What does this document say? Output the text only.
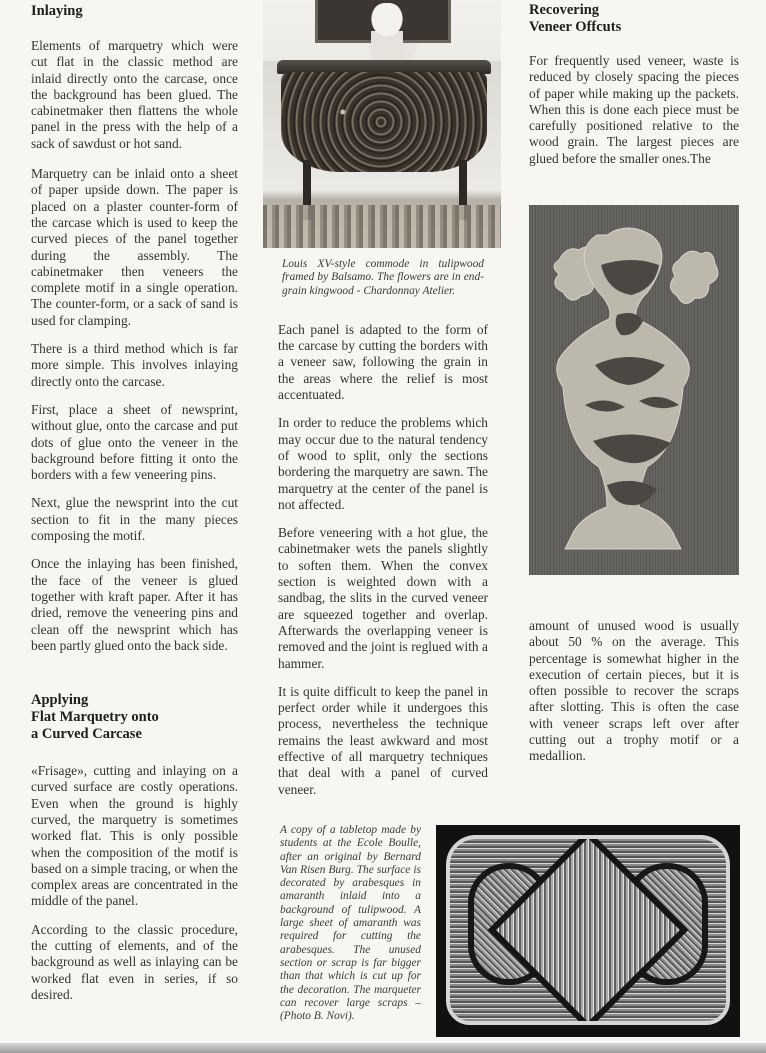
Inlaying

Elements of marquetry which were cut flat in the classic method are inlaid directly onto the carcase, once the background has been glued. The cabinetmaker then flattens the whole panel in the press with the help of a sack of sawdust or hot sand.

Marquetry can be inlaid onto a sheet of paper upside down. The paper is placed on a plaster counter-form of the carcase which is used to keep the curved pieces of the panel together during the assembly. The cabinetmaker then veneers the complete motif in a single operation. The counter-form, or a sack of sand is used for clamping.

There is a third method which is far more simple. This involves inlaying directly onto the carcase.

First, place a sheet of newsprint, without glue, onto the carcase and put dots of glue onto the veneer in the background before fitting it onto the borders with a few veneering pins.

Next, glue the newsprint into the cut section to fit in the many pieces composing the motif.

Once the inlaying has been finished, the face of the veneer is glued together with kraft paper. After it has dried, remove the veneering pins and clean off the newsprint which has been partly glued onto the back side.

Applying
Flat Marquetry onto
a Curved Carcase

«Frisage», cutting and inlaying on a curved surface are costly operations. Even when the ground is highly curved, the marquetry is sometimes worked flat. This is only possible when the composition of the motif is based on a simple tracing, or when the complex areas are concentrated in the middle of the panel.

According to the classic procedure, the cutting of elements, and of the background as well as inlaying can be worked flat even in series, if so desired.

Louis XV-style commode in tulipwood framed by Balsamo. The flowers are in end-grain kingwood - Chardonnay Atelier.

Each panel is adapted to the form of the carcase by cutting the borders with a veneer saw, following the grain in the areas where the relief is most accentuated.

In order to reduce the problems which may occur due to the natural tendency of wood to split, only the sections bordering the marquetry are sawn. The marquetry at the center of the panel is not affected.

Before veneering with a hot glue, the cabinetmaker wets the panels slightly to soften them. When the convex section is weighted down with a sandbag, the slits in the curved veneer are squeezed together and overlap. Afterwards the overlapping veneer is removed and the joint is reglued with a hammer.

It is quite difficult to keep the panel in perfect order while it undergoes this process, nevertheless the technique remains the least awkward and most effective of all marquetry techniques that deal with a panel of curved veneer.

A copy of a tabletop made by students at the Ecole Boulle, after an original by Bernard Van Risen Burg. The surface is decorated by arabesques in amaranth inlaid into a background of tulipwood. A large sheet of amaranth was required for cutting the arabesques. The unused section or scrap is far bigger than that which is cut up for the decoration. The marqueter can recover large scraps – (Photo B. Novi).

Recovering
Veneer Offcuts

For frequently used veneer, waste is reduced by closely spacing the pieces of paper while making up the packets. When this is done each piece must be carefully positioned relative to the wood grain. The largest pieces are glued before the smaller ones.The

amount of unused wood is usually about 50 % on the average. This percentage is somewhat higher in the execution of certain pieces, but it is often possible to recover the scraps after slotting. This is often the case with veneer scraps left over after cutting out a trophy motif or a medallion.
